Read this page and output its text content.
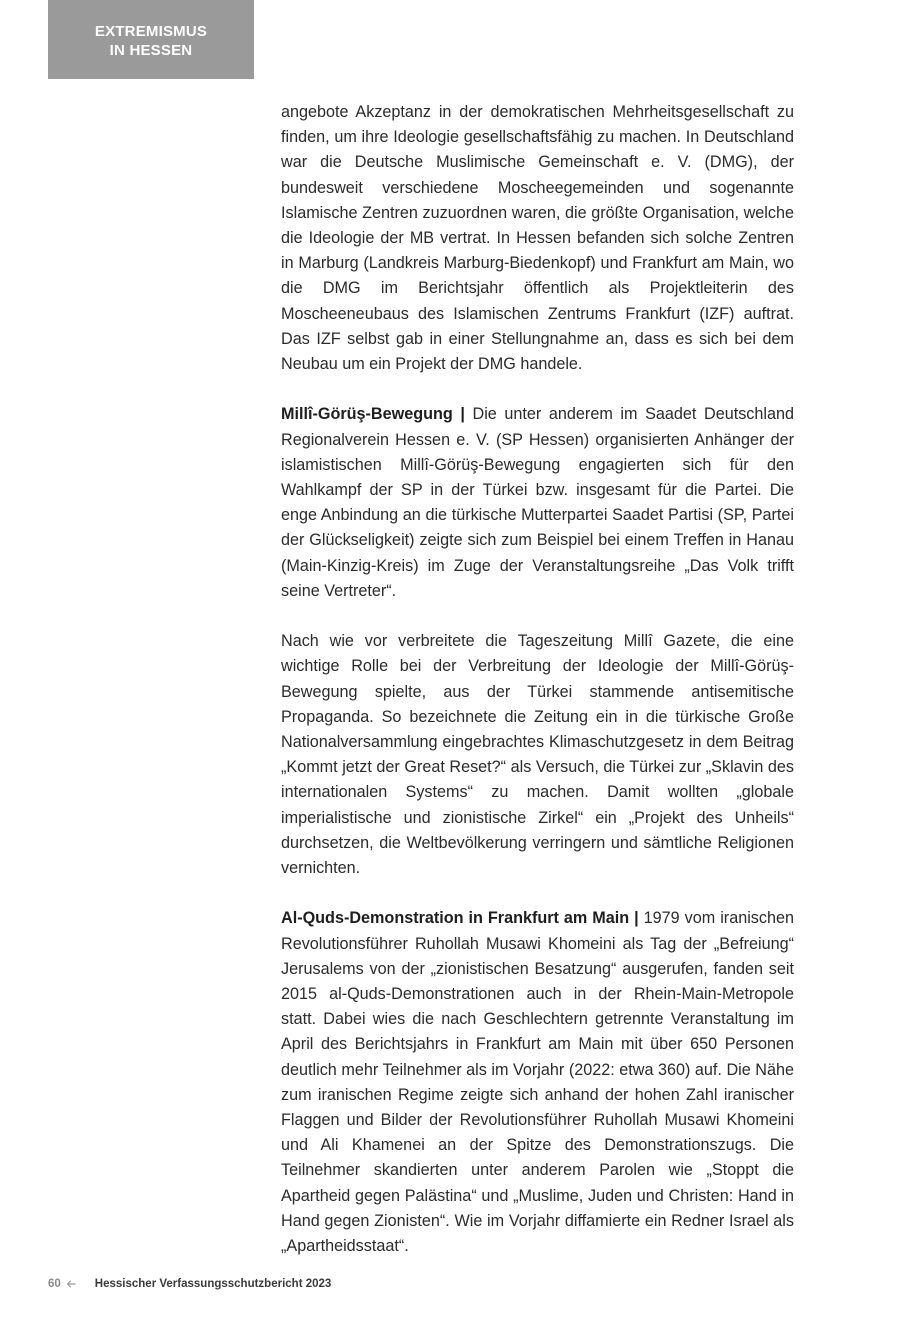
EXTREMISMUS
IN HESSEN

angebote Akzeptanz in der demokratischen Mehrheitsgesellschaft zu finden, um ihre Ideologie gesellschaftsfähig zu machen. In Deutschland war die Deutsche Muslimische Gemeinschaft e. V. (DMG), der bundesweit verschiedene Moscheegemeinden und sogenannte Islamische Zentren zuzuordnen waren, die größte Organisation, welche die Ideologie der MB vertrat. In Hessen befanden sich solche Zentren in Marburg (Landkreis Marburg-Biedenkopf) und Frankfurt am Main, wo die DMG im Berichtsjahr öffentlich als Projektleiterin des Moscheeneubaus des Islamischen Zentrums Frankfurt (IZF) auftrat. Das IZF selbst gab in einer Stellungnahme an, dass es sich bei dem Neubau um ein Projekt der DMG handele.

Millî-Görüş-Bewegung | Die unter anderem im Saadet Deutschland Regionalverein Hessen e. V. (SP Hessen) organisierten Anhänger der islamistischen Millî-Görüş-Bewegung engagierten sich für den Wahlkampf der SP in der Türkei bzw. insgesamt für die Partei. Die enge Anbindung an die türkische Mutterpartei Saadet Partisi (SP, Partei der Glückseligkeit) zeigte sich zum Beispiel bei einem Treffen in Hanau (Main-Kinzig-Kreis) im Zuge der Veranstaltungsreihe „Das Volk trifft seine Vertreter“.

Nach wie vor verbreitete die Tageszeitung Millî Gazete, die eine wichtige Rolle bei der Verbreitung der Ideologie der Millî-Görüş-Bewegung spielte, aus der Türkei stammende antisemitische Propaganda. So bezeichnete die Zeitung ein in die türkische Große Nationalversammlung eingebrachtes Klimaschutzgesetz in dem Beitrag „Kommt jetzt der Great Reset?“ als Versuch, die Türkei zur „Sklavin des internationalen Systems“ zu machen. Damit wollten „globale imperialistische und zionistische Zirkel“ ein „Projekt des Unheils“ durchsetzen, die Weltbevölkerung verringern und sämtliche Religionen vernichten.

Al-Quds-Demonstration in Frankfurt am Main | 1979 vom iranischen Revolutionsführer Ruhollah Musawi Khomeini als Tag der „Befreiung“ Jerusalems von der „zionistischen Besatzung“ ausgerufen, fanden seit 2015 al-Quds-Demonstrationen auch in der Rhein-Main-Metropole statt. Dabei wies die nach Geschlechtern getrennte Veranstaltung im April des Berichtsjahrs in Frankfurt am Main mit über 650 Personen deutlich mehr Teilnehmer als im Vorjahr (2022: etwa 360) auf. Die Nähe zum iranischen Regime zeigte sich anhand der hohen Zahl iranischer Flaggen und Bilder der Revolutionsführer Ruhollah Musawi Khomeini und Ali Khamenei an der Spitze des Demonstrationszugs. Die Teilnehmer skandierten unter anderem Parolen wie „Stoppt die Apartheid gegen Palästina“ und „Muslime, Juden und Christen: Hand in Hand gegen Zionisten“. Wie im Vorjahr diffamierte ein Redner Israel als „Apartheidsstaat“.

60	Hessischer Verfassungsschutzbericht 2023
